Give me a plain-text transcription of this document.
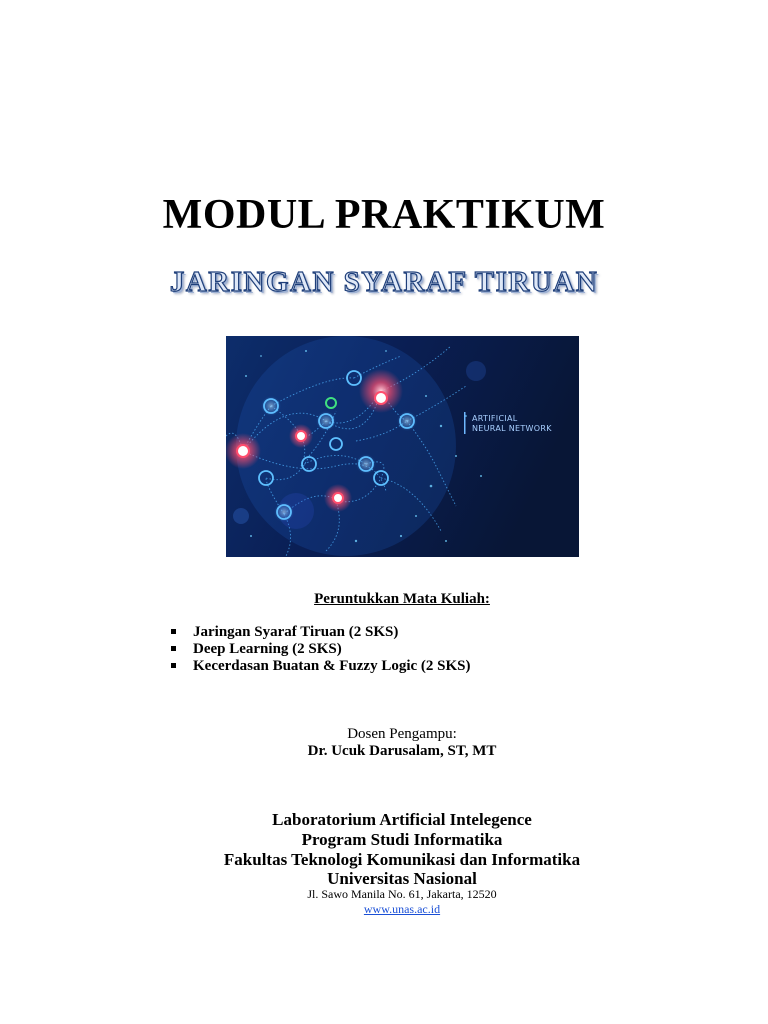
MODUL PRAKTIKUM
JARINGAN SYARAF TIRUAN
ARTIFICIAL
NEURAL NETWORK
Peruntukkan Mata Kuliah:
Jaringan Syaraf Tiruan (2 SKS)
Deep Learning (2 SKS)
Kecerdasan Buatan & Fuzzy Logic (2 SKS)
Dosen Pengampu:
Dr. Ucuk Darusalam, ST, MT
Laboratorium Artificial Intelegence
Program Studi Informatika
Fakultas Teknologi Komunikasi dan Informatika
Universitas Nasional
Jl. Sawo Manila No. 61, Jakarta, 12520
www.unas.ac.id
